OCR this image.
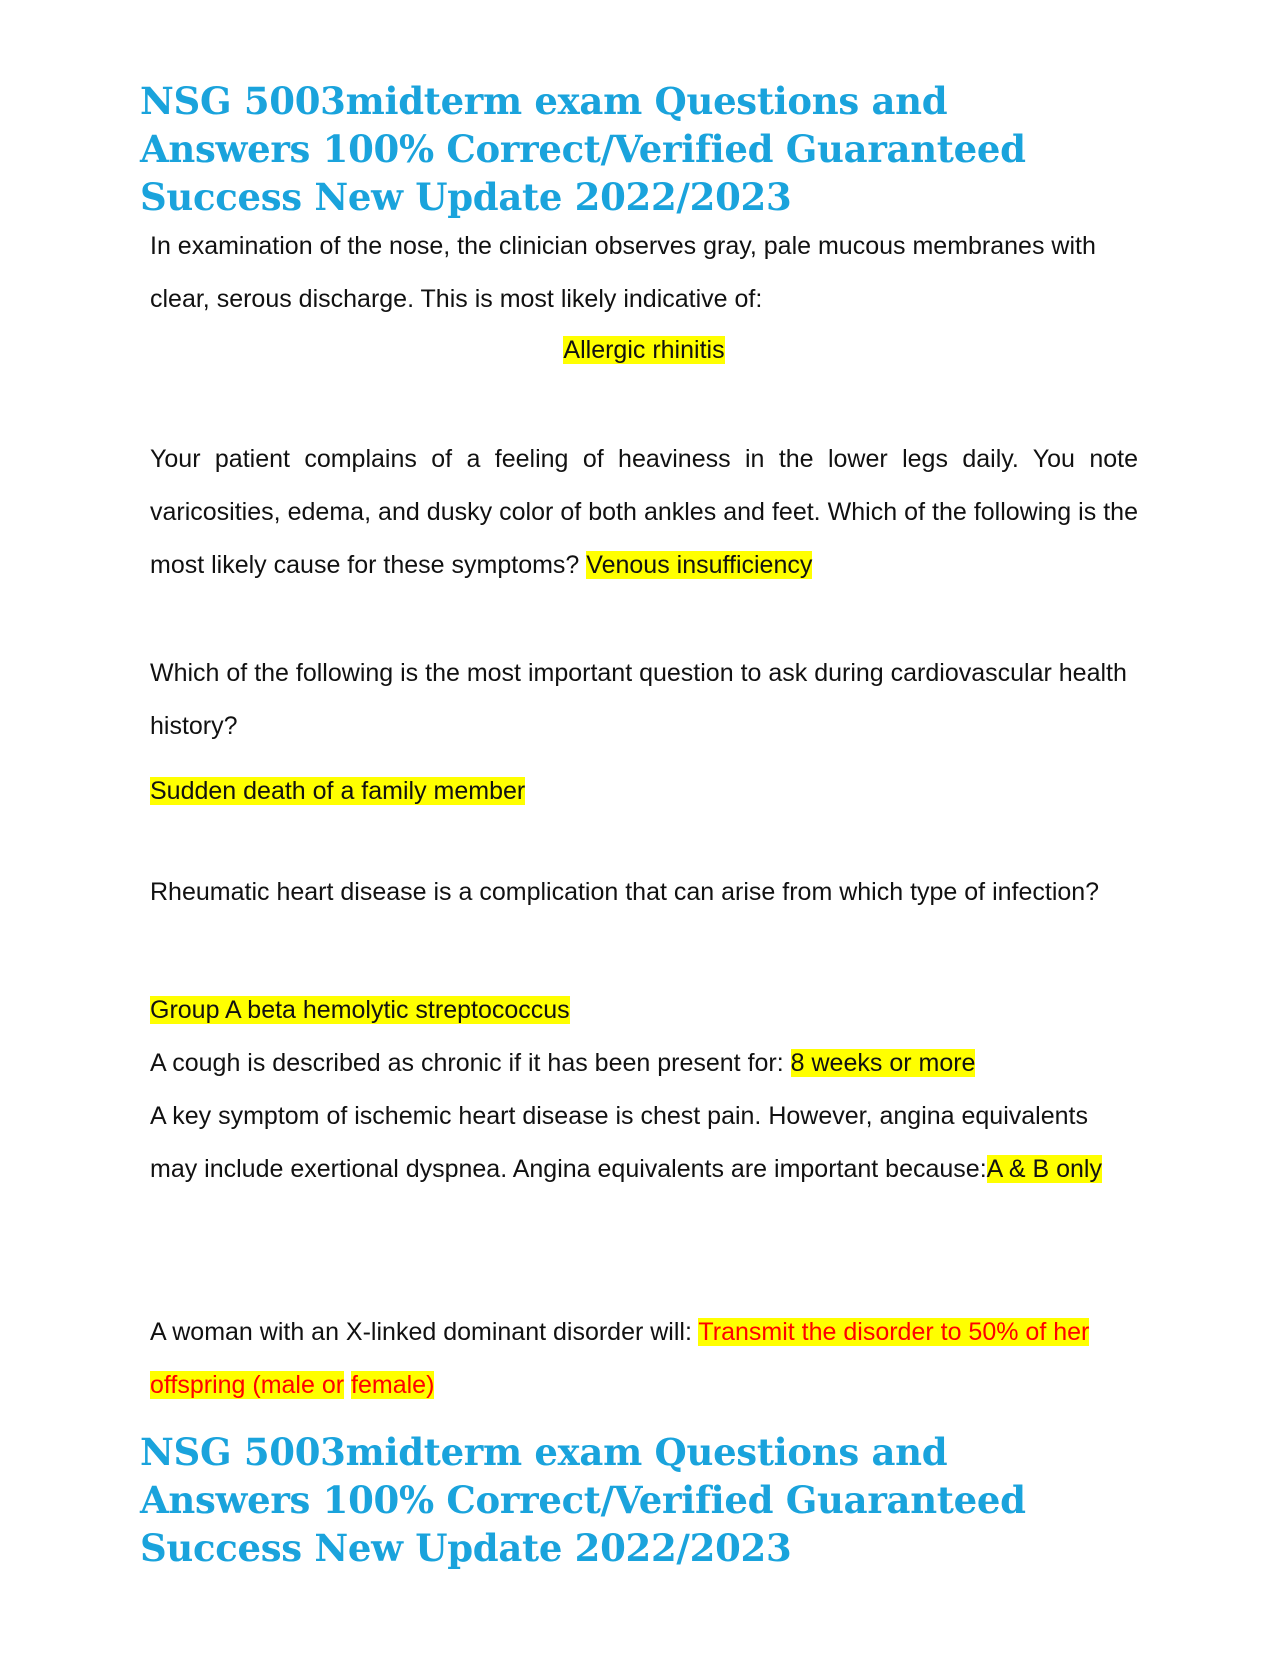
NSG 5003midterm exam Questions and Answers 100% Correct/Verified Guaranteed Success New Update 2022/2023

In examination of the nose, the clinician observes gray, pale mucous membranes with clear, serous discharge. This is most likely indicative of:

Allergic rhinitis

Your patient complains of a feeling of heaviness in the lower legs daily. You note varicosities, edema, and dusky color of both ankles and feet. Which of the following is the most likely cause for these symptoms? Venous insufficiency

Which of the following is the most important question to ask during cardiovascular health history?

Sudden death of a family member

Rheumatic heart disease is a complication that can arise from which type of infection?

Group A beta hemolytic streptococcus

A cough is described as chronic if it has been present for: 8 weeks or more

A key symptom of ischemic heart disease is chest pain. However, angina equivalents may include exertional dyspnea. Angina equivalents are important because:A & B only

A woman with an X-linked dominant disorder will: Transmit the disorder to 50% of her offspring (male or female)

NSG 5003midterm exam Questions and Answers 100% Correct/Verified Guaranteed Success New Update 2022/2023
